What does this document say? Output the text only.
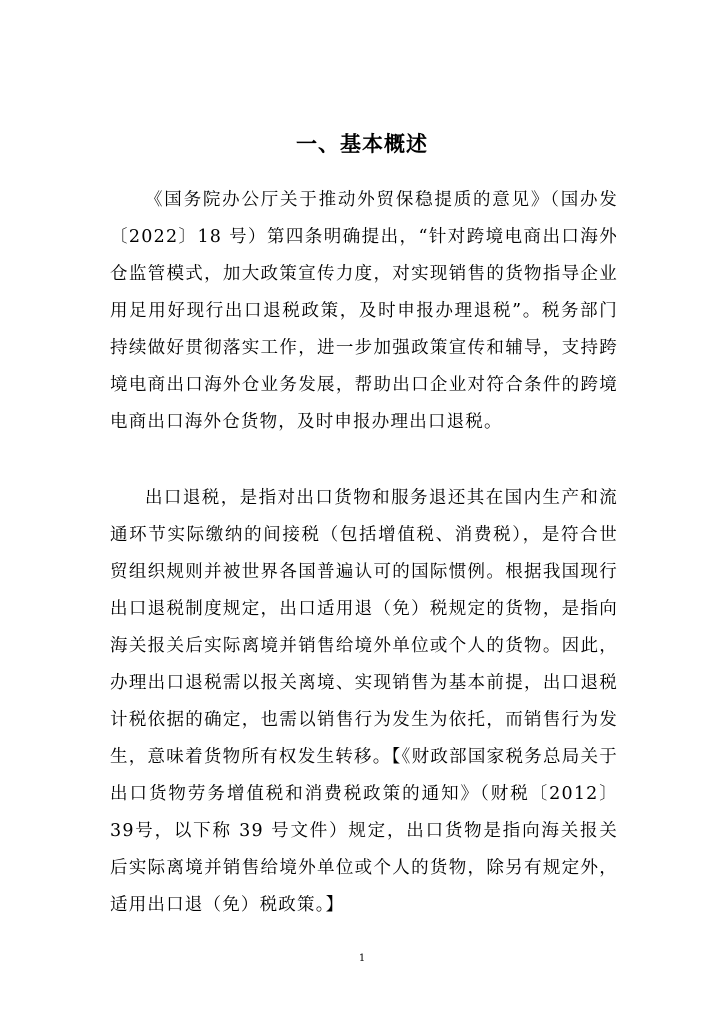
一、基本概述

《国务院办公厅关于推动外贸保稳提质的意见》（国办发〔2022〕18 号）第四条明确提出，“针对跨境电商出口海外仓监管模式，加大政策宣传力度，对实现销售的货物指导企业用足用好现行出口退税政策，及时申报办理退税”。税务部门持续做好贯彻落实工作，进一步加强政策宣传和辅导，支持跨境电商出口海外仓业务发展，帮助出口企业对符合条件的跨境电商出口海外仓货物，及时申报办理出口退税。

出口退税，是指对出口货物和服务退还其在国内生产和流通环节实际缴纳的间接税（包括增值税、消费税），是符合世贸组织规则并被世界各国普遍认可的国际惯例。根据我国现行出口退税制度规定，出口适用退（免）税规定的货物，是指向海关报关后实际离境并销售给境外单位或个人的货物。因此，办理出口退税需以报关离境、实现销售为基本前提，出口退税计税依据的确定，也需以销售行为发生为依托，而销售行为发生，意味着货物所有权发生转移。【《财政部国家税务总局关于出口货物劳务增值税和消费税政策的通知》（财税〔2012〕39号，以下称 39 号文件）规定，出口货物是指向海关报关后实际离境并销售给境外单位或个人的货物，除另有规定外，适用出口退（免）税政策。】

1
